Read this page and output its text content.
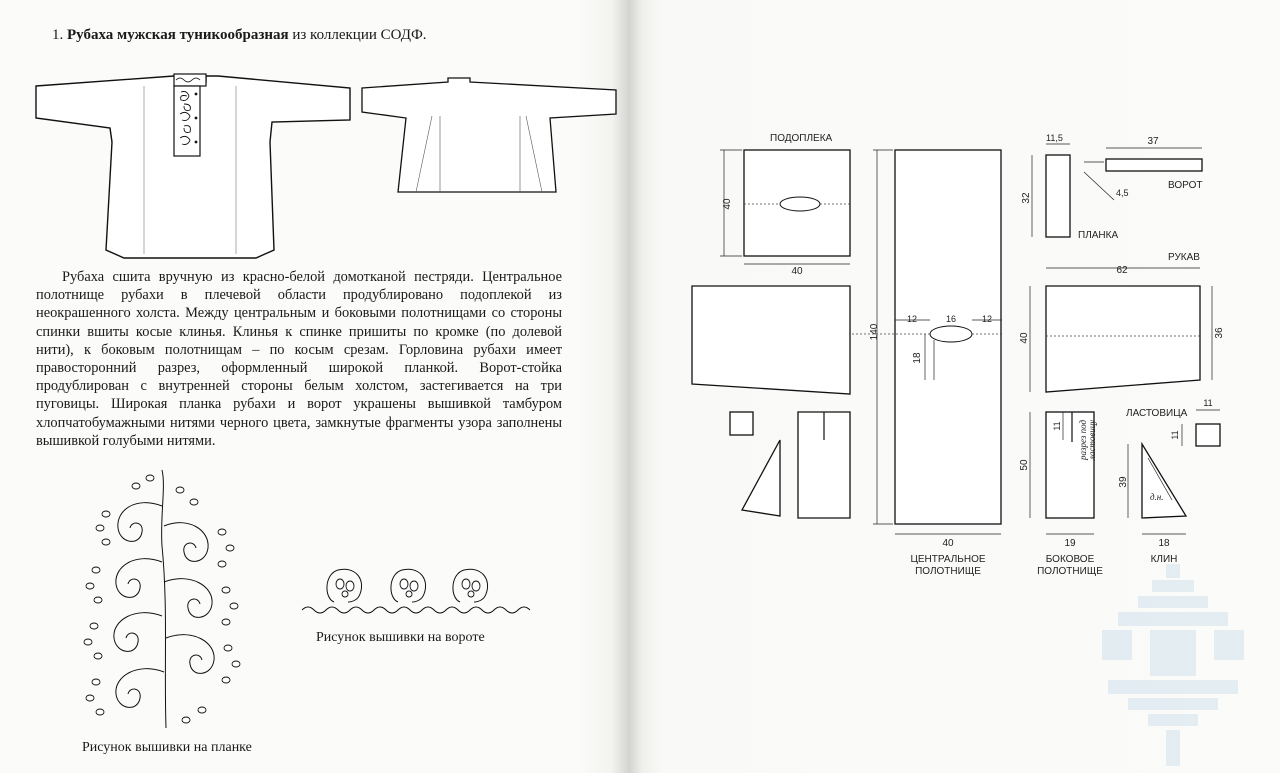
1. Рубаха мужская туникообразная из коллекции СОДФ.

Рубаха сшита вручную из красно-белой домотканой пестряди. Центральное полотнище рубахи в плечевой области продублировано подоплекой из неокрашенного холста. Между центральным и боковыми полотнищами со стороны спинки вшиты косые клинья. Клинья к спинке пришиты по кромке (по долевой нити), к боковым полотнищам – по косым срезам. Горловина рубахи имеет правосторонний разрез, оформленный широкой планкой. Ворот-стойка продублирован с внутренней стороны белым холстом, застегивается на три пуговицы. Широкая планка рубахи и ворот украшены вышивкой тамбуром хлопчатобумажными нитями черного цвета, замкнутые фрагменты узора заполнены вышивкой голубыми нитями.

Рисунок вышивки на планке
Рисунок вышивки на вороте
ПОДОПЛЕКА
40
40
140
12	16	12
18
40
ЦЕНТРАЛЬНОЕ
ПОЛОТНИЩЕ
11,5
32
ПЛАНКА
37
4,5
ВОРОТ
РУКАВ
62
40	36
11 разрез под ластовицу
50
19
БОКОВОЕ
ПОЛОТНИЩЕ
ЛАСТОВИЦА
11
11
д.н.
39
18
КЛИН
